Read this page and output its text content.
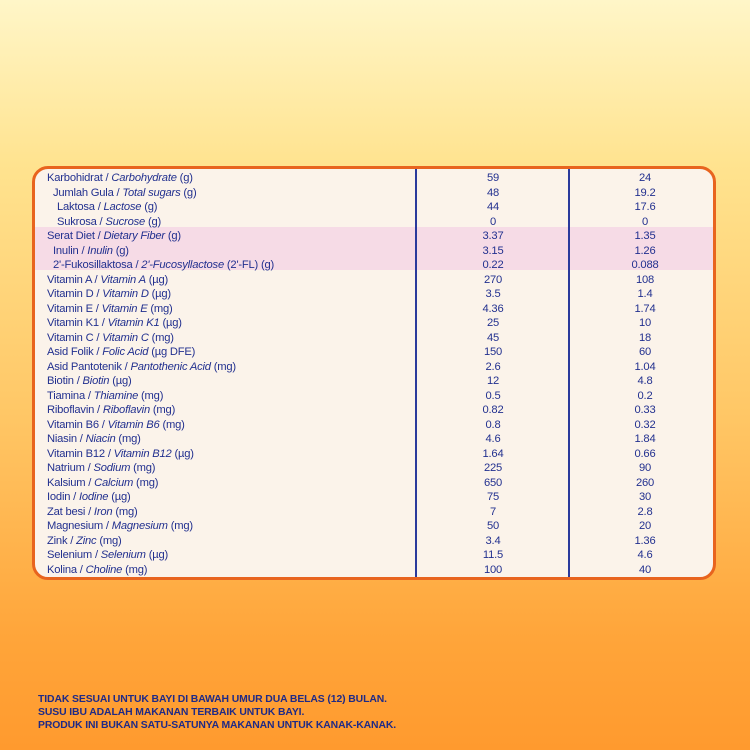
Karbohidrat / Carbohydrate (g)	59	24
Jumlah Gula / Total sugars (g)	48	19.2
Laktosa / Lactose (g)	44	17.6
Sukrosa / Sucrose (g)	0	0
Serat Diet / Dietary Fiber (g)	3.37	1.35
Inulin / Inulin (g)	3.15	1.26
2'-Fukosillaktosa / 2'-Fucosyllactose (2'-FL) (g)	0.22	0.088
Vitamin A / Vitamin A (µg)	270	108
Vitamin D / Vitamin D (µg)	3.5	1.4
Vitamin E / Vitamin E (mg)	4.36	1.74
Vitamin K1 / Vitamin K1 (µg)	25	10
Vitamin C / Vitamin C (mg)	45	18
Asid Folik / Folic Acid (µg DFE)	150	60
Asid Pantotenik / Pantothenic Acid (mg)	2.6	1.04
Biotin / Biotin (µg)	12	4.8
Tiamina / Thiamine (mg)	0.5	0.2
Riboflavin / Riboflavin (mg)	0.82	0.33
Vitamin B6 / Vitamin B6 (mg)	0.8	0.32
Niasin / Niacin (mg)	4.6	1.84
Vitamin B12 / Vitamin B12 (µg)	1.64	0.66
Natrium / Sodium (mg)	225	90
Kalsium / Calcium (mg)	650	260
Iodin / Iodine (µg)	75	30
Zat besi / Iron (mg)	7	2.8
Magnesium / Magnesium (mg)	50	20
Zink / Zinc (mg)	3.4	1.36
Selenium / Selenium (µg)	11.5	4.6
Kolina / Choline (mg)	100	40
TIDAK SESUAI UNTUK BAYI DI BAWAH UMUR DUA BELAS (12) BULAN.
SUSU IBU ADALAH MAKANAN TERBAIK UNTUK BAYI.
PRODUK INI BUKAN SATU-SATUNYA MAKANAN UNTUK KANAK-KANAK.
